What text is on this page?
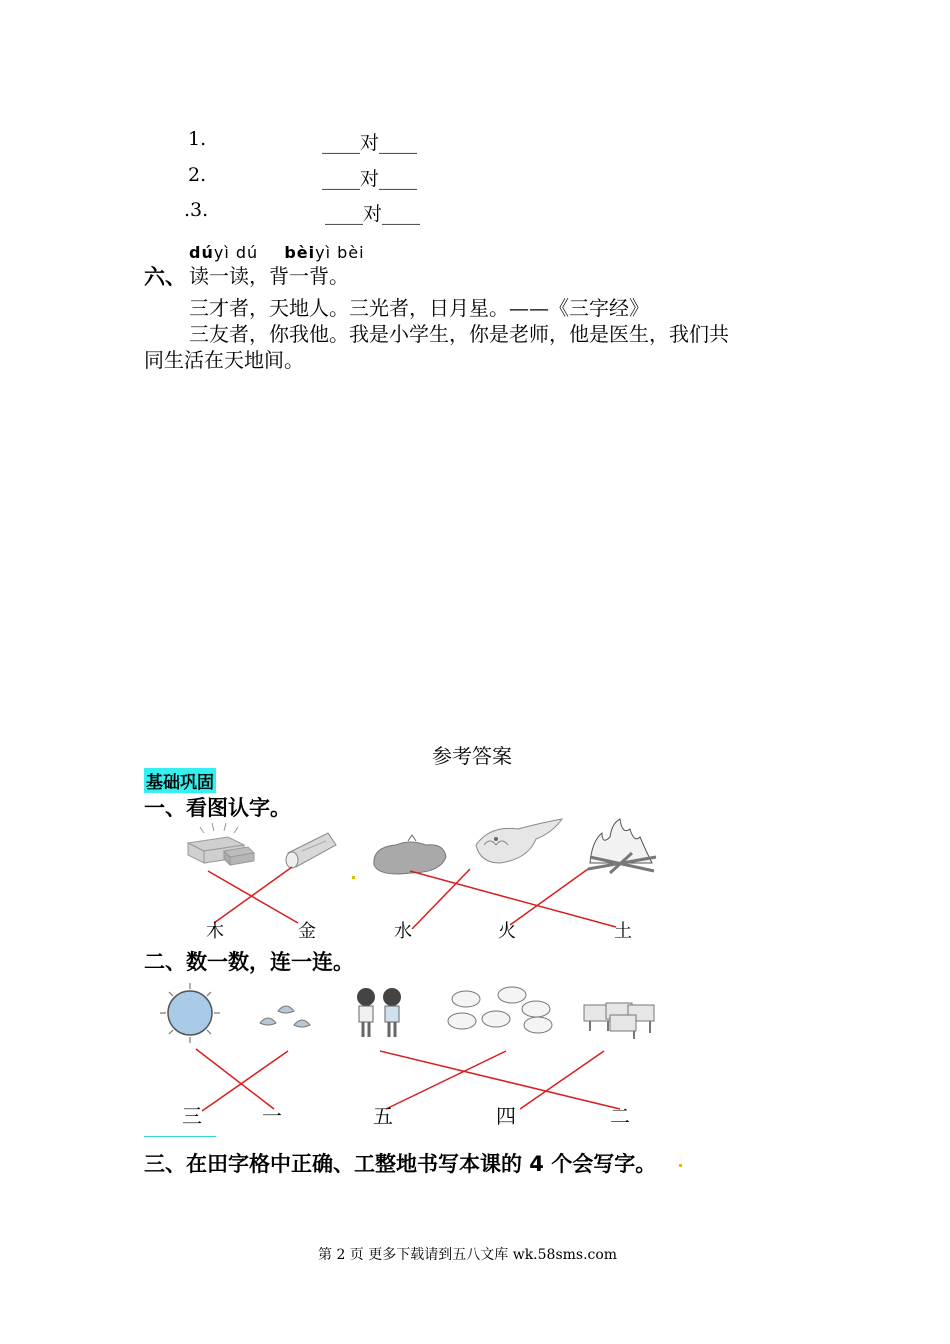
1.	____对____
2.	____对____
.3.	____对____
dúyì dú bèiyì bèi
六、 读一读，背一背。
三才者，天地人。三光者，日月星。——《三字经》
三友者，你我他。我是小学生，你是老师，他是医生，我们共
同生活在天地间。
参考答案
基础巩固
一、看图认字。
木	金	水	火	土
二、数一数，连一连。
三	一	五	四	二
三、在田字格中正确、工整地书写本课的 4 个会写字。
第 2 页 更多下载请到五八文库 wk.58sms.com
